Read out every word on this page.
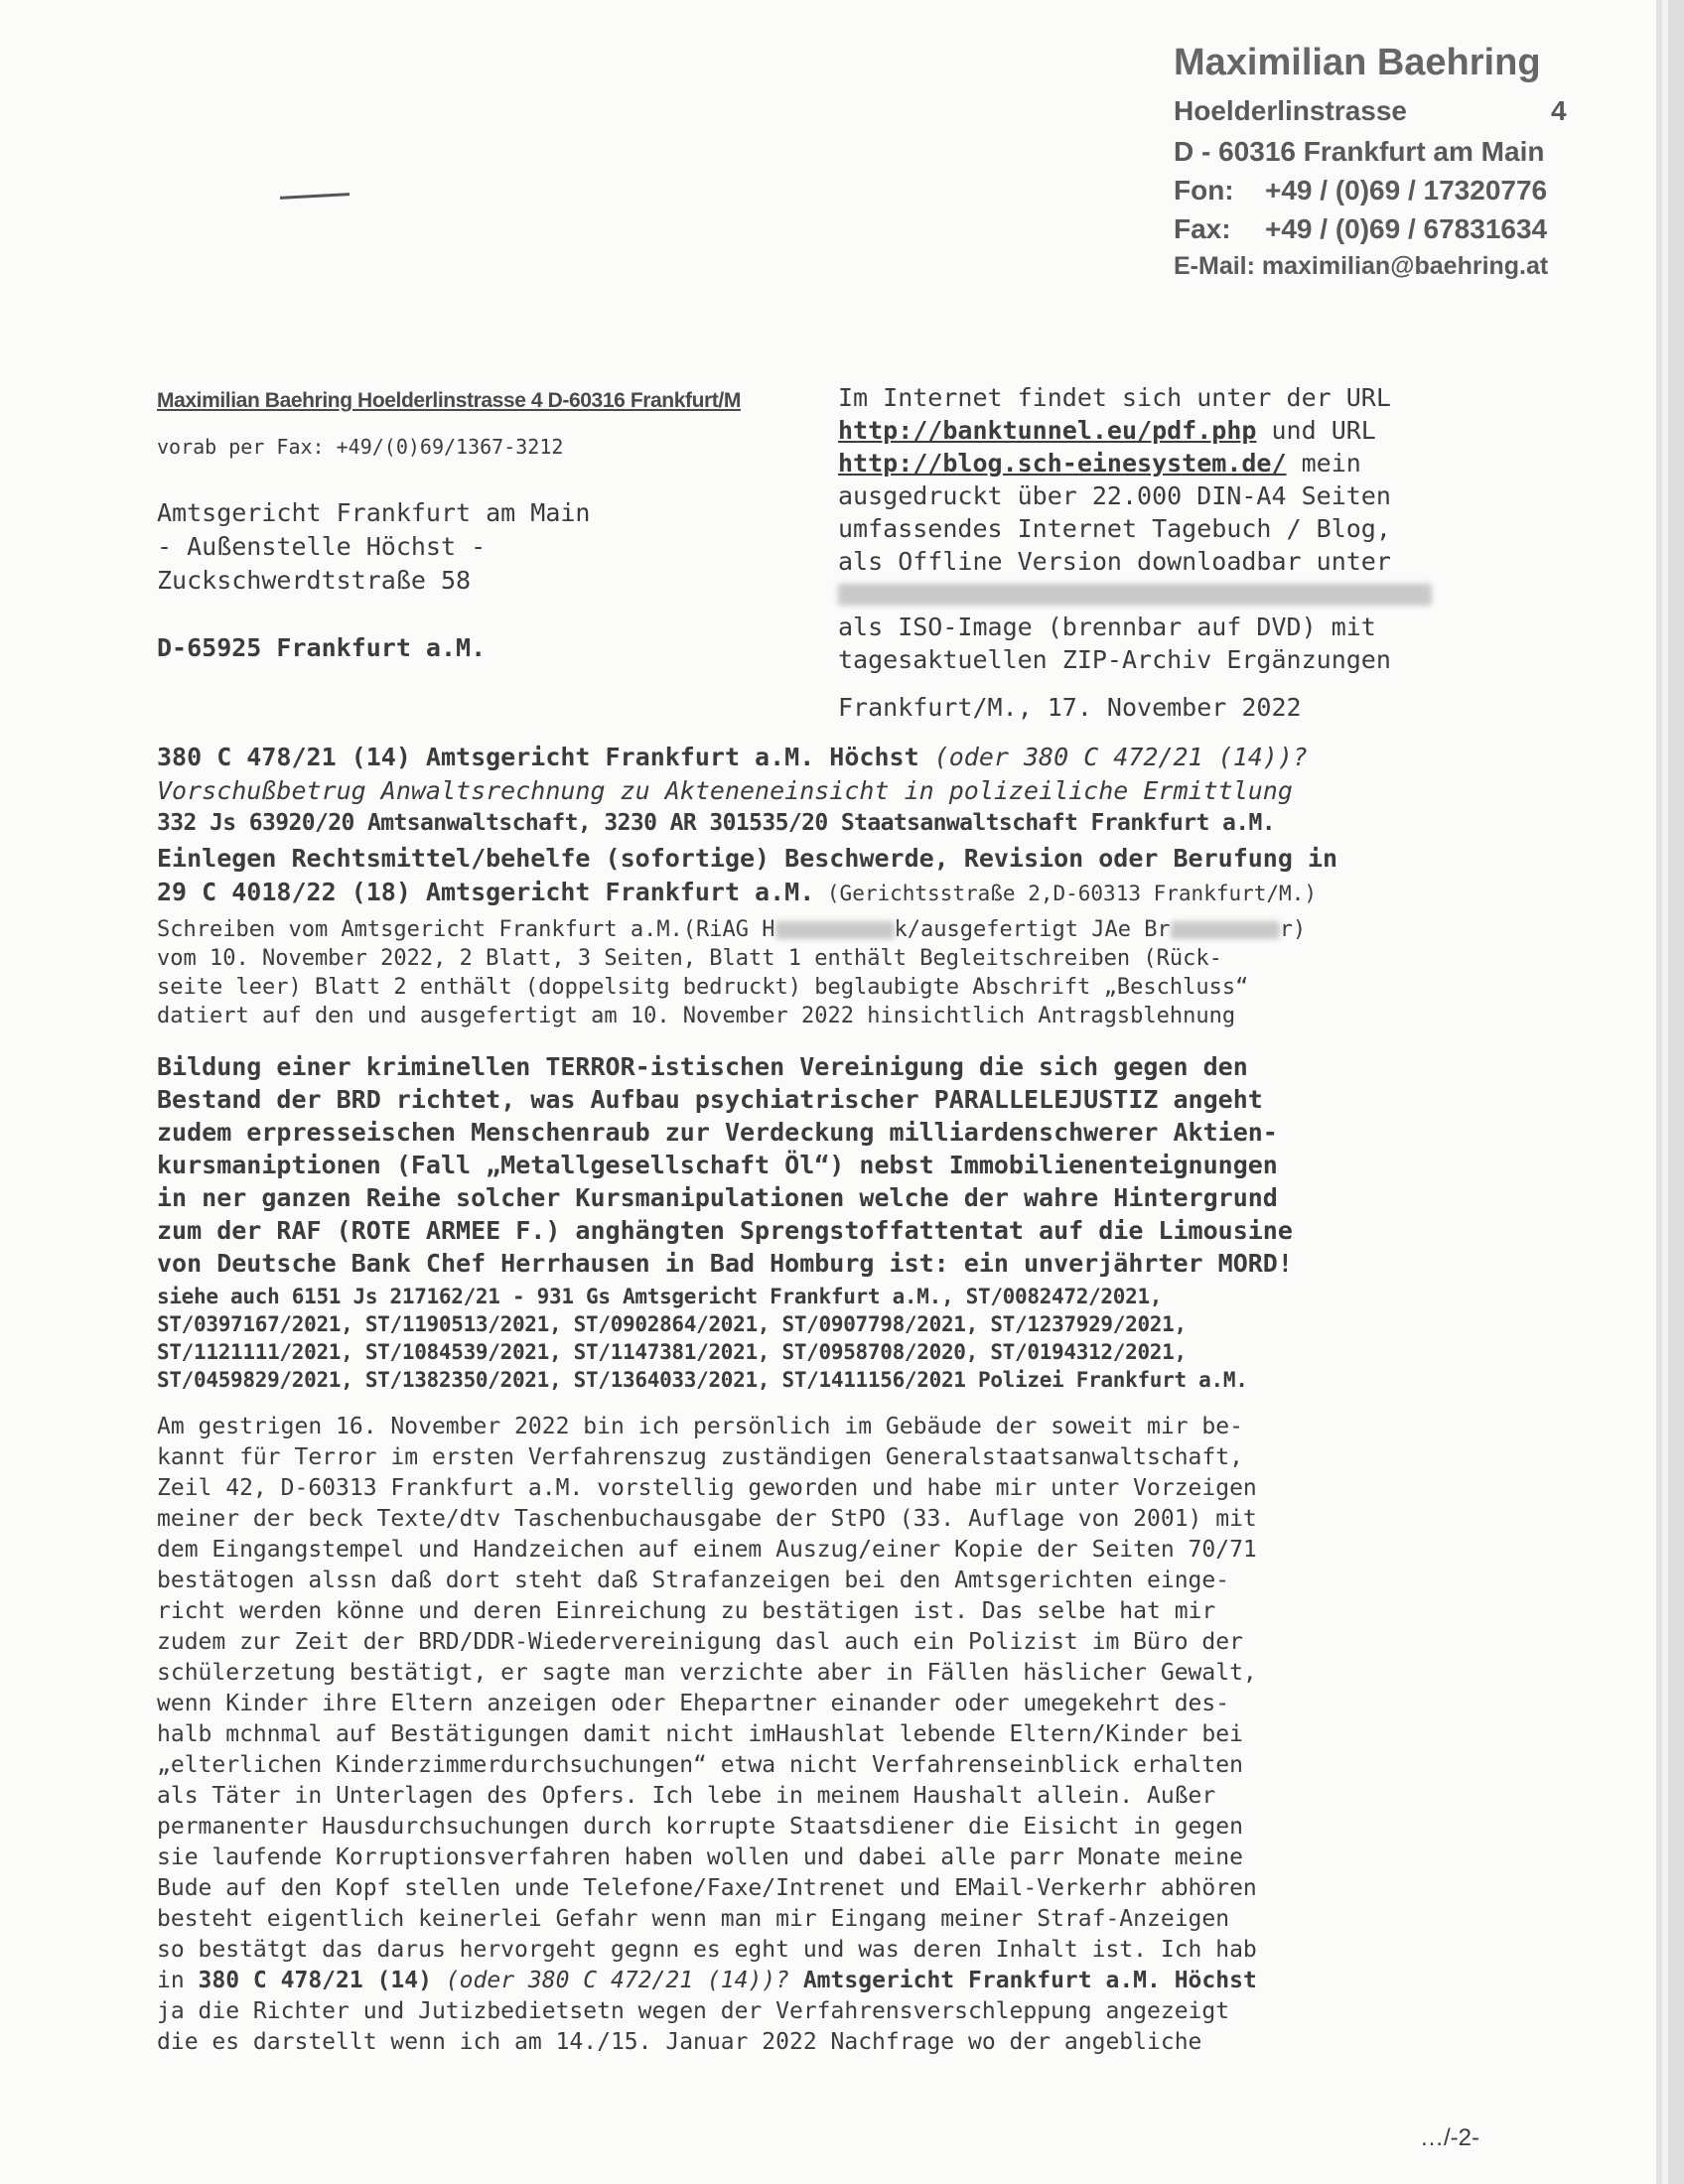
Maximilian Baehring
Hoelderlinstrasse	4
D - 60316 Frankfurt am Main
Fon: +49 / (0)69 / 17320776
Fax: +49 / (0)69 / 67831634
E-Mail: maximilian@baehring.at
Maximilian Baehring Hoelderlinstrasse 4 D-60316 Frankfurt/M
vorab per Fax: +49/(0)69/1367-3212
Amtsgericht Frankfurt am Main
- Außenstelle Höchst -
Zuckschwerdtstraße 58
D-65925 Frankfurt a.M.
Im Internet findet sich unter der URL
http://banktunnel.eu/pdf.php und URL
http://blog.sch-einesystem.de/ mein
ausgedruckt über 22.000 DIN-A4 Seiten
umfassendes Internet Tagebuch / Blog,
als Offline Version downloadbar unter

als ISO-Image (brennbar auf DVD) mit
tagesaktuellen ZIP-Archiv Ergänzungen
Frankfurt/M., 17. November 2022
380 C 478/21 (14) Amtsgericht Frankfurt a.M. Höchst (oder 380 C 472/21 (14))?
Vorschußbetrug Anwaltsrechnung zu Akteneneinsicht in polizeiliche Ermittlung
332 Js 63920/20 Amtsanwaltschaft, 3230 AR 301535/20 Staatsanwaltschaft Frankfurt a.M.
Einlegen Rechtsmittel/behelfe (sofortige) Beschwerde, Revision oder Berufung in
29 C 4018/22 (18) Amtsgericht Frankfurt a.M. (Gerichtsstraße 2,D-60313 Frankfurt/M.)
Schreiben vom Amtsgericht Frankfurt a.M.(RiAG H	k/ausgefertigt JAe Br	r)
vom 10. November 2022, 2 Blatt, 3 Seiten, Blatt 1 enthält Begleitschreiben (Rück-
seite leer) Blatt 2 enthält (doppelsitg bedruckt) beglaubigte Abschrift „Beschluss“
datiert auf den und ausgefertigt am 10. November 2022 hinsichtlich Antragsblehnung
Bildung einer kriminellen TERROR-istischen Vereinigung die sich gegen den
Bestand der BRD richtet, was Aufbau psychiatrischer PARALLELEJUSTIZ angeht
zudem erpresseischen Menschenraub zur Verdeckung milliardenschwerer Aktien-
kursmaniptionen (Fall „Metallgesellschaft Öl“) nebst Immobilienenteignungen
in ner ganzen Reihe solcher Kursmanipulationen welche der wahre Hintergrund
zum der RAF (ROTE ARMEE F.) anghängten Sprengstoffattentat auf die Limousine
von Deutsche Bank Chef Herrhausen in Bad Homburg ist: ein unverjährter MORD!
siehe auch 6151 Js 217162/21 - 931 Gs Amtsgericht Frankfurt a.M., ST/0082472/2021,
ST/0397167/2021, ST/1190513/2021, ST/0902864/2021, ST/0907798/2021, ST/1237929/2021,
ST/1121111/2021, ST/1084539/2021, ST/1147381/2021, ST/0958708/2020, ST/0194312/2021,
ST/0459829/2021, ST/1382350/2021, ST/1364033/2021, ST/1411156/2021 Polizei Frankfurt a.M.
Am gestrigen 16. November 2022 bin ich persönlich im Gebäude der soweit mir be-
kannt für Terror im ersten Verfahrenszug zuständigen Generalstaatsanwaltschaft,
Zeil 42, D-60313 Frankfurt a.M. vorstellig geworden und habe mir unter Vorzeigen
meiner der beck Texte/dtv Taschenbuchausgabe der StPO (33. Auflage von 2001) mit
dem Eingangstempel und Handzeichen auf einem Auszug/einer Kopie der Seiten 70/71
bestätogen alssn daß dort steht daß Strafanzeigen bei den Amtsgerichten einge-
richt werden könne und deren Einreichung zu bestätigen ist. Das selbe hat mir
zudem zur Zeit der BRD/DDR-Wiedervereinigung dasl auch ein Polizist im Büro der
schülerzetung bestätigt, er sagte man verzichte aber in Fällen häslicher Gewalt,
wenn Kinder ihre Eltern anzeigen oder Ehepartner einander oder umegekehrt des-
halb mchnmal auf Bestätigungen damit nicht imHaushlat lebende Eltern/Kinder bei
„elterlichen Kinderzimmerdurchsuchungen“ etwa nicht Verfahrenseinblick erhalten
als Täter in Unterlagen des Opfers. Ich lebe in meinem Haushalt allein. Außer
permanenter Hausdurchsuchungen durch korrupte Staatsdiener die Eisicht in gegen
sie laufende Korruptionsverfahren haben wollen und dabei alle parr Monate meine
Bude auf den Kopf stellen unde Telefone/Faxe/Intrenet und EMail-Verkerhr abhören
besteht eigentlich keinerlei Gefahr wenn man mir Eingang meiner Straf-Anzeigen
so bestätgt das darus hervorgeht gegnn es eght und was deren Inhalt ist. Ich hab
in 380 C 478/21 (14) (oder 380 C 472/21 (14))? Amtsgericht Frankfurt a.M. Höchst
ja die Richter und Jutizbedietsetn wegen der Verfahrensverschleppung angezeigt
die es darstellt wenn ich am 14./15. Januar 2022 Nachfrage wo der angebliche
…/-2-
